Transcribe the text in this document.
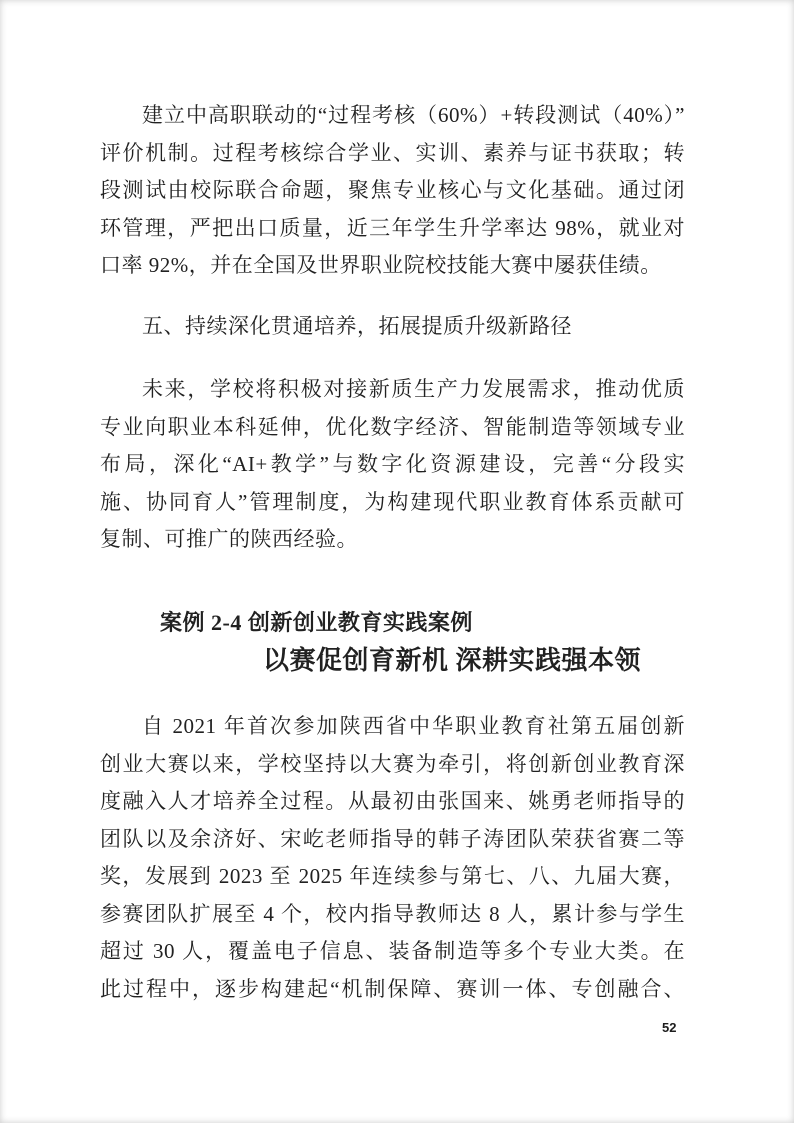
建立中高职联动的“过程考核（60%）+转段测试（40%）”
评价机制。过程考核综合学业、实训、素养与证书获取；转
段测试由校际联合命题，聚焦专业核心与文化基础。通过闭
环管理，严把出口质量，近三年学生升学率达 98%，就业对
口率 92%，并在全国及世界职业院校技能大赛中屡获佳绩。
五、持续深化贯通培养，拓展提质升级新路径
未来，学校将积极对接新质生产力发展需求，推动优质
专业向职业本科延伸，优化数字经济、智能制造等领域专业
布局，深化“AI+教学”与数字化资源建设，完善“分段实
施、协同育人”管理制度，为构建现代职业教育体系贡献可
复制、可推广的陕西经验。
案例 2-4 创新创业教育实践案例
以赛促创育新机 深耕实践强本领
自 2021 年首次参加陕西省中华职业教育社第五届创新
创业大赛以来，学校坚持以大赛为牵引，将创新创业教育深
度融入人才培养全过程。从最初由张国来、姚勇老师指导的
团队以及余济好、宋屹老师指导的韩子涛团队荣获省赛二等
奖，发展到 2023 至 2025 年连续参与第七、八、九届大赛，
参赛团队扩展至 4 个，校内指导教师达 8 人，累计参与学生
超过 30 人，覆盖电子信息、装备制造等多个专业大类。在
此过程中，逐步构建起“机制保障、赛训一体、专创融合、
52
